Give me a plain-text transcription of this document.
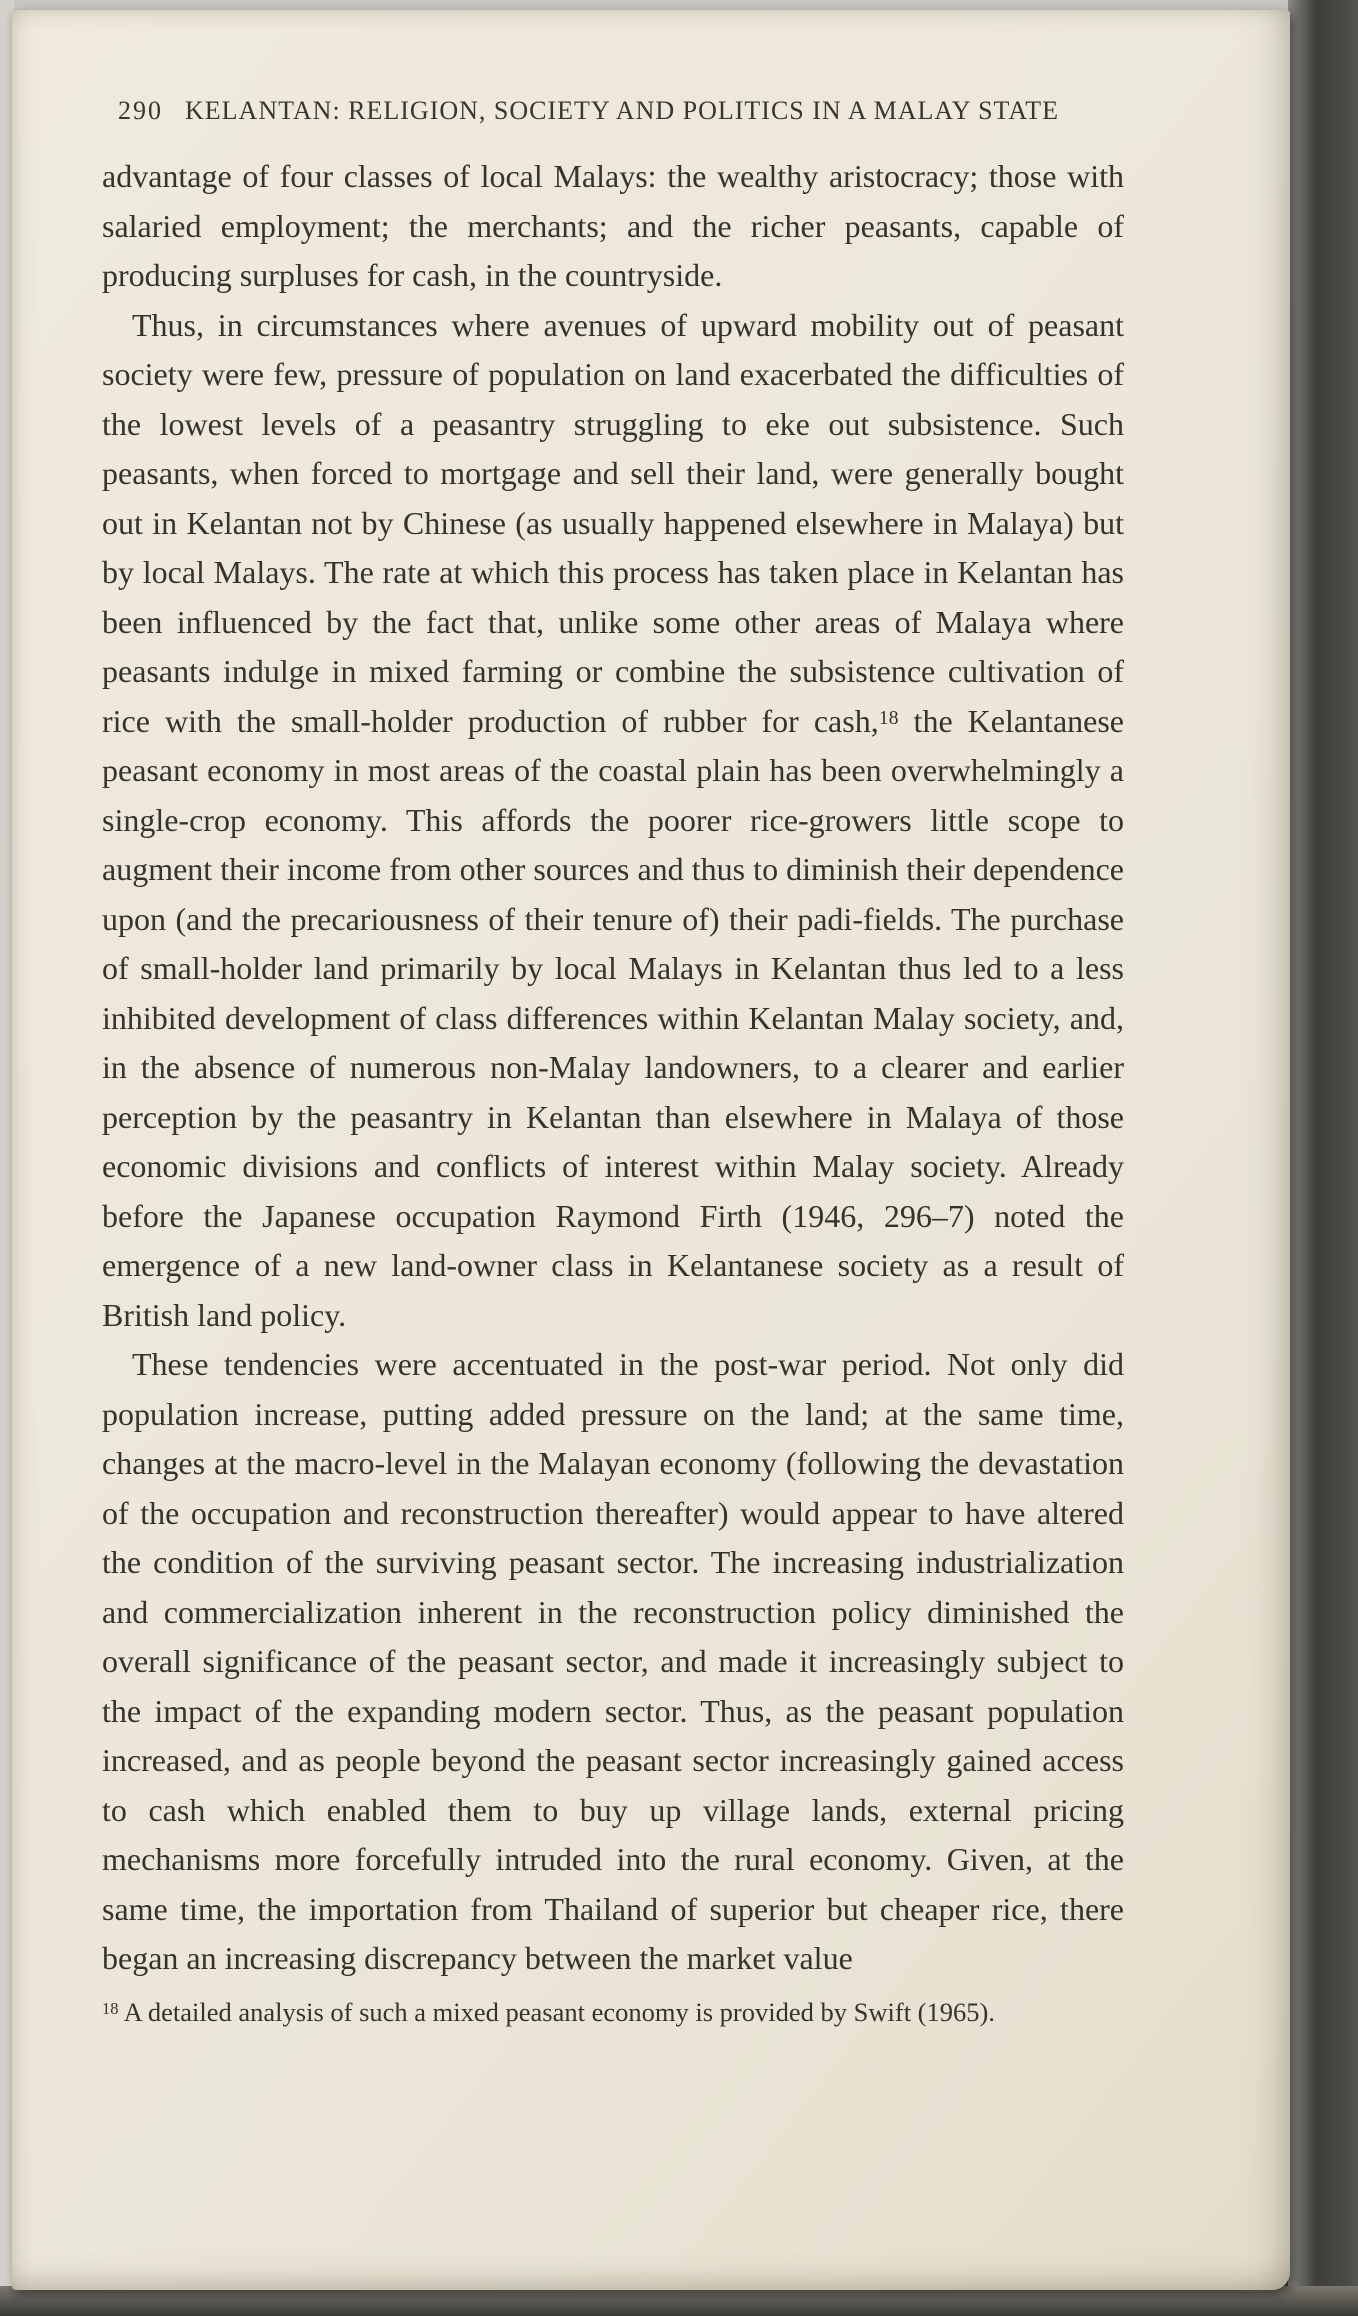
290 KELANTAN: RELIGION, SOCIETY AND POLITICS IN A MALAY STATE

advantage of four classes of local Malays: the wealthy aristocracy; those with salaried employment; the merchants; and the richer peasants, capable of producing surpluses for cash, in the countryside.

Thus, in circumstances where avenues of upward mobility out of peasant society were few, pressure of population on land exacerbated the difficulties of the lowest levels of a peasantry struggling to eke out subsistence. Such peasants, when forced to mortgage and sell their land, were generally bought out in Kelantan not by Chinese (as usually happened elsewhere in Malaya) but by local Malays. The rate at which this process has taken place in Kelantan has been influenced by the fact that, unlike some other areas of Malaya where peasants indulge in mixed farming or combine the subsistence cultivation of rice with the small-holder production of rubber for cash,$^{18}$ the Kelantanese peasant economy in most areas of the coastal plain has been overwhelmingly a single-crop economy. This affords the poorer rice-growers little scope to augment their income from other sources and thus to diminish their dependence upon (and the precariousness of their tenure of) their padi-fields. The purchase of small-holder land primarily by local Malays in Kelantan thus led to a less inhibited development of class differences within Kelantan Malay society, and, in the absence of numerous non-Malay landowners, to a clearer and earlier perception by the peasantry in Kelantan than elsewhere in Malaya of those economic divisions and conflicts of interest within Malay society. Already before the Japanese occupation Raymond Firth (1946, 296–7) noted the emergence of a new land-owner class in Kelantanese society as a result of British land policy.

These tendencies were accentuated in the post-war period. Not only did population increase, putting added pressure on the land; at the same time, changes at the macro-level in the Malayan economy (following the devastation of the occupation and reconstruction thereafter) would appear to have altered the condition of the surviving peasant sector. The increasing industrialization and commercialization inherent in the reconstruction policy diminished the overall significance of the peasant sector, and made it increasingly subject to the impact of the expanding modern sector. Thus, as the peasant population increased, and as people beyond the peasant sector increasingly gained access to cash which enabled them to buy up village lands, external pricing mechanisms more forcefully intruded into the rural economy. Given, at the same time, the importation from Thailand of superior but cheaper rice, there began an increasing discrepancy between the market value

$^{18}$ A detailed analysis of such a mixed peasant economy is provided by Swift (1965).
